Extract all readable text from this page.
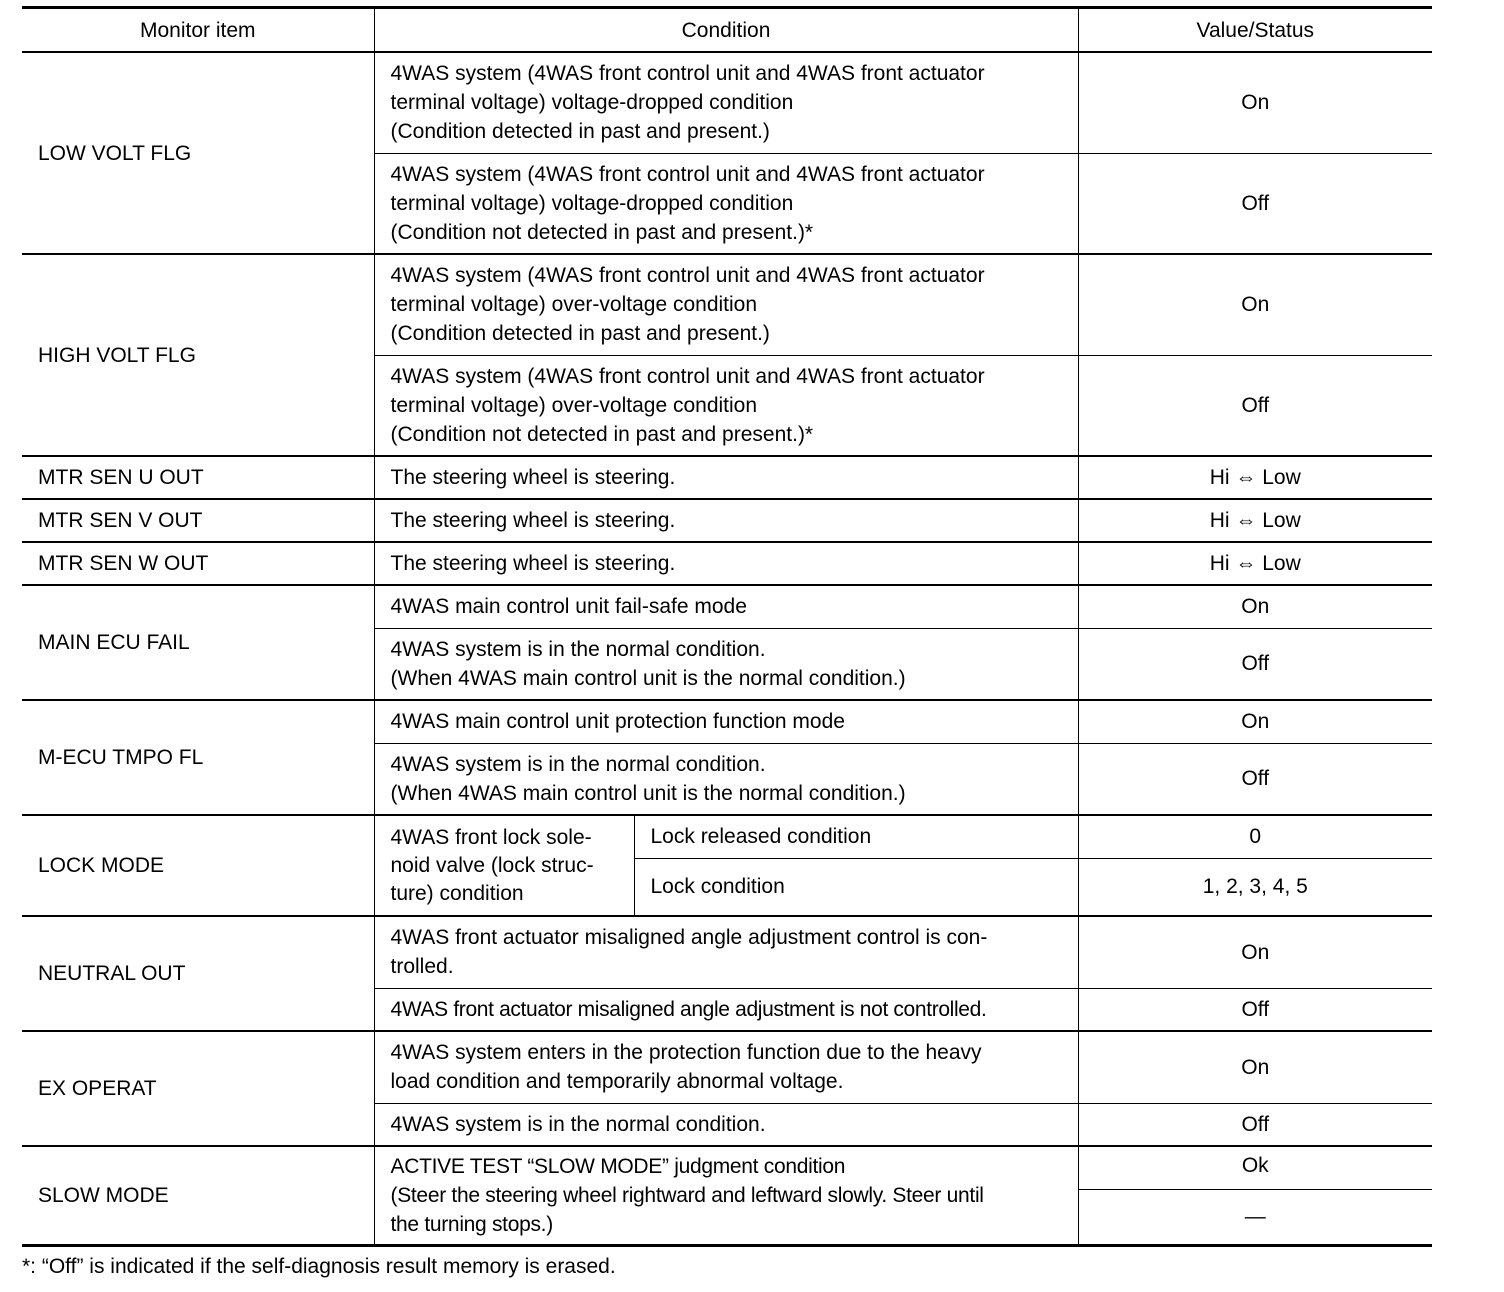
Monitor item	Condition		Value/Status
LOW VOLT FLG	4WAS system (4WAS front control unit and 4WAS front actuator
terminal voltage) voltage-dropped condition
(Condition detected in past and present.)		On

	4WAS system (4WAS front control unit and 4WAS front actuator
terminal voltage) voltage-dropped condition
(Condition not detected in past and present.)*		Off
HIGH VOLT FLG	4WAS system (4WAS front control unit and 4WAS front actuator
terminal voltage) over-voltage condition
(Condition detected in past and present.)		On

	4WAS system (4WAS front control unit and 4WAS front actuator
terminal voltage) over-voltage condition
(Condition not detected in past and present.)*		Off
MTR SEN U OUT	The steering wheel is steering.		Hi ⇔ Low
MTR SEN V OUT	The steering wheel is steering.		Hi ⇔ Low
MTR SEN W OUT	The steering wheel is steering.		Hi ⇔ Low
MAIN ECU FAIL	4WAS main control unit fail-safe mode		On

	4WAS system is in the normal condition.
(When 4WAS main control unit is the normal condition.)		Off
M-ECU TMPO FL	4WAS main control unit protection function mode		On

	4WAS system is in the normal condition.
(When 4WAS main control unit is the normal condition.)		Off
LOCK MODE	4WAS front lock sole-
noid valve (lock struc-
ture) condition	Lock released condition	0
		Lock condition	1, 2, 3, 4, 5
NEUTRAL OUT	4WAS front actuator misaligned angle adjustment control is con-
trolled.		On
	4WAS front actuator misaligned angle adjustment is not controlled.		Off
EX OPERAT	4WAS system enters in the protection function due to the heavy
load condition and temporarily abnormal voltage.		On
	4WAS system is in the normal condition.		Off
SLOW MODE	ACTIVE TEST “SLOW MODE” judgment condition
(Steer the steering wheel rightward and leftward slowly. Steer until
the turning stops.)		Ok
			—
*: “Off” is indicated if the self-diagnosis result memory is erased.
